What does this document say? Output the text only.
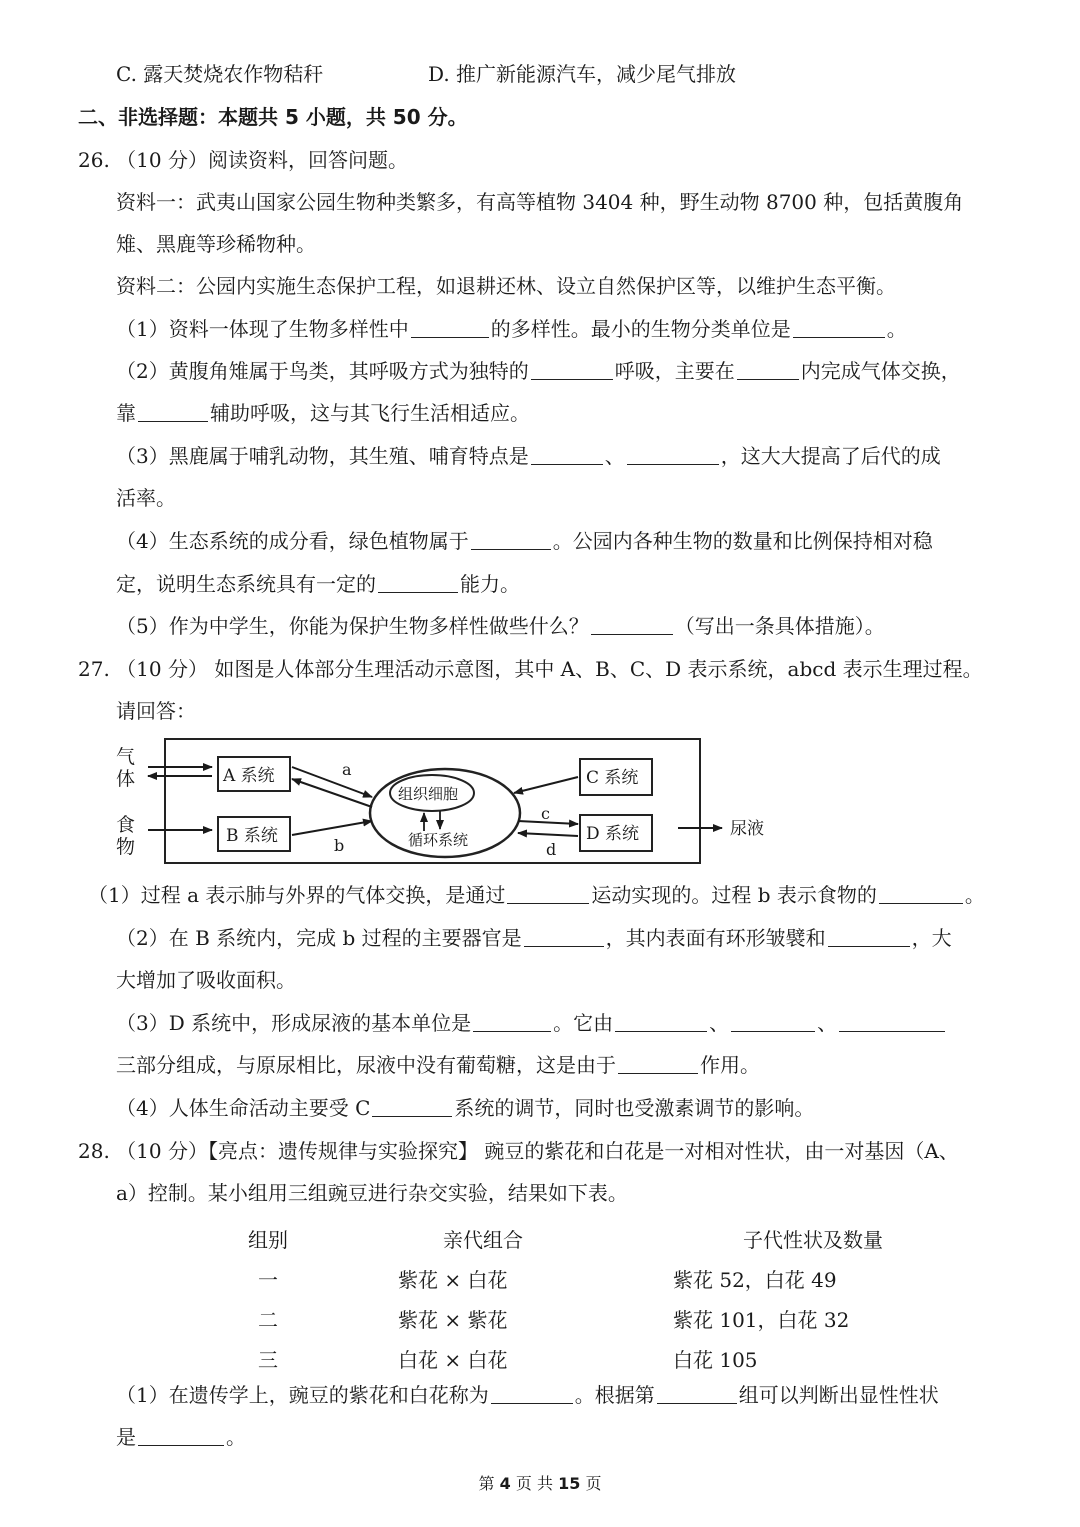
C. 露天焚烧农作物秸秆	D. 推广新能源汽车，减少尾气排放
二、非选择题：本题共 5 小题，共 50 分。
26. （10 分）阅读资料，回答问题。
资料一：武夷山国家公园生物种类繁多，有高等植物 3404 种，野生动物 8700 种，包括黄腹角
雉、黑鹿等珍稀物种。
资料二：公园内实施生态保护工程，如退耕还林、设立自然保护区等，以维护生态平衡。
（1）资料一体现了生物多样性中	的多样性。最小的生物分类单位是	。
（2）黄腹角雉属于鸟类，其呼吸方式为独特的	呼吸，主要在	内完成气体交换，
靠	辅助呼吸，这与其飞行生活相适应。
（3）黑鹿属于哺乳动物，其生殖、哺育特点是	、	，这大大提高了后代的成
活率。
（4）生态系统的成分看，绿色植物属于	。公园内各种生物的数量和比例保持相对稳
定，说明生态系统具有一定的	能力。
（5）作为中学生，你能为保护生物多样性做些什么？	（写出一条具体措施）。
27. （10 分） 如图是人体部分生理活动示意图，其中 A、B、C、D 表示系统，abcd 表示生理过程。
请回答：
气
体
食
物
A 系统
B 系统
C 系统
D 系统
组织细胞
循环系统
a
b
c
d
尿液
（1）过程 a 表示肺与外界的气体交换，是通过	运动实现的。过程 b 表示食物的	。
（2）在 B 系统内，完成 b 过程的主要器官是	，其内表面有环形皱襞和	，大
大增加了吸收面积。
（3）D 系统中，形成尿液的基本单位是	。它由	、	、
三部分组成，与原尿相比，尿液中没有葡萄糖，这是由于	作用。
（4）人体生命活动主要受 C	系统的调节，同时也受激素调节的影响。
28. （10 分）【亮点：遗传规律与实验探究】 豌豆的紫花和白花是一对相对性状，由一对基因（A、
a）控制。某小组用三组豌豆进行杂交实验，结果如下表。
组别	亲代组合	子代性状及数量
一	紫花 × 白花	紫花 52，白花 49
二	紫花 × 紫花	紫花 101，白花 32
三	白花 × 白花	白花 105
（1）在遗传学上，豌豆的紫花和白花称为	。根据第	组可以判断出显性性状
是	。
第 4 页 共 15 页
